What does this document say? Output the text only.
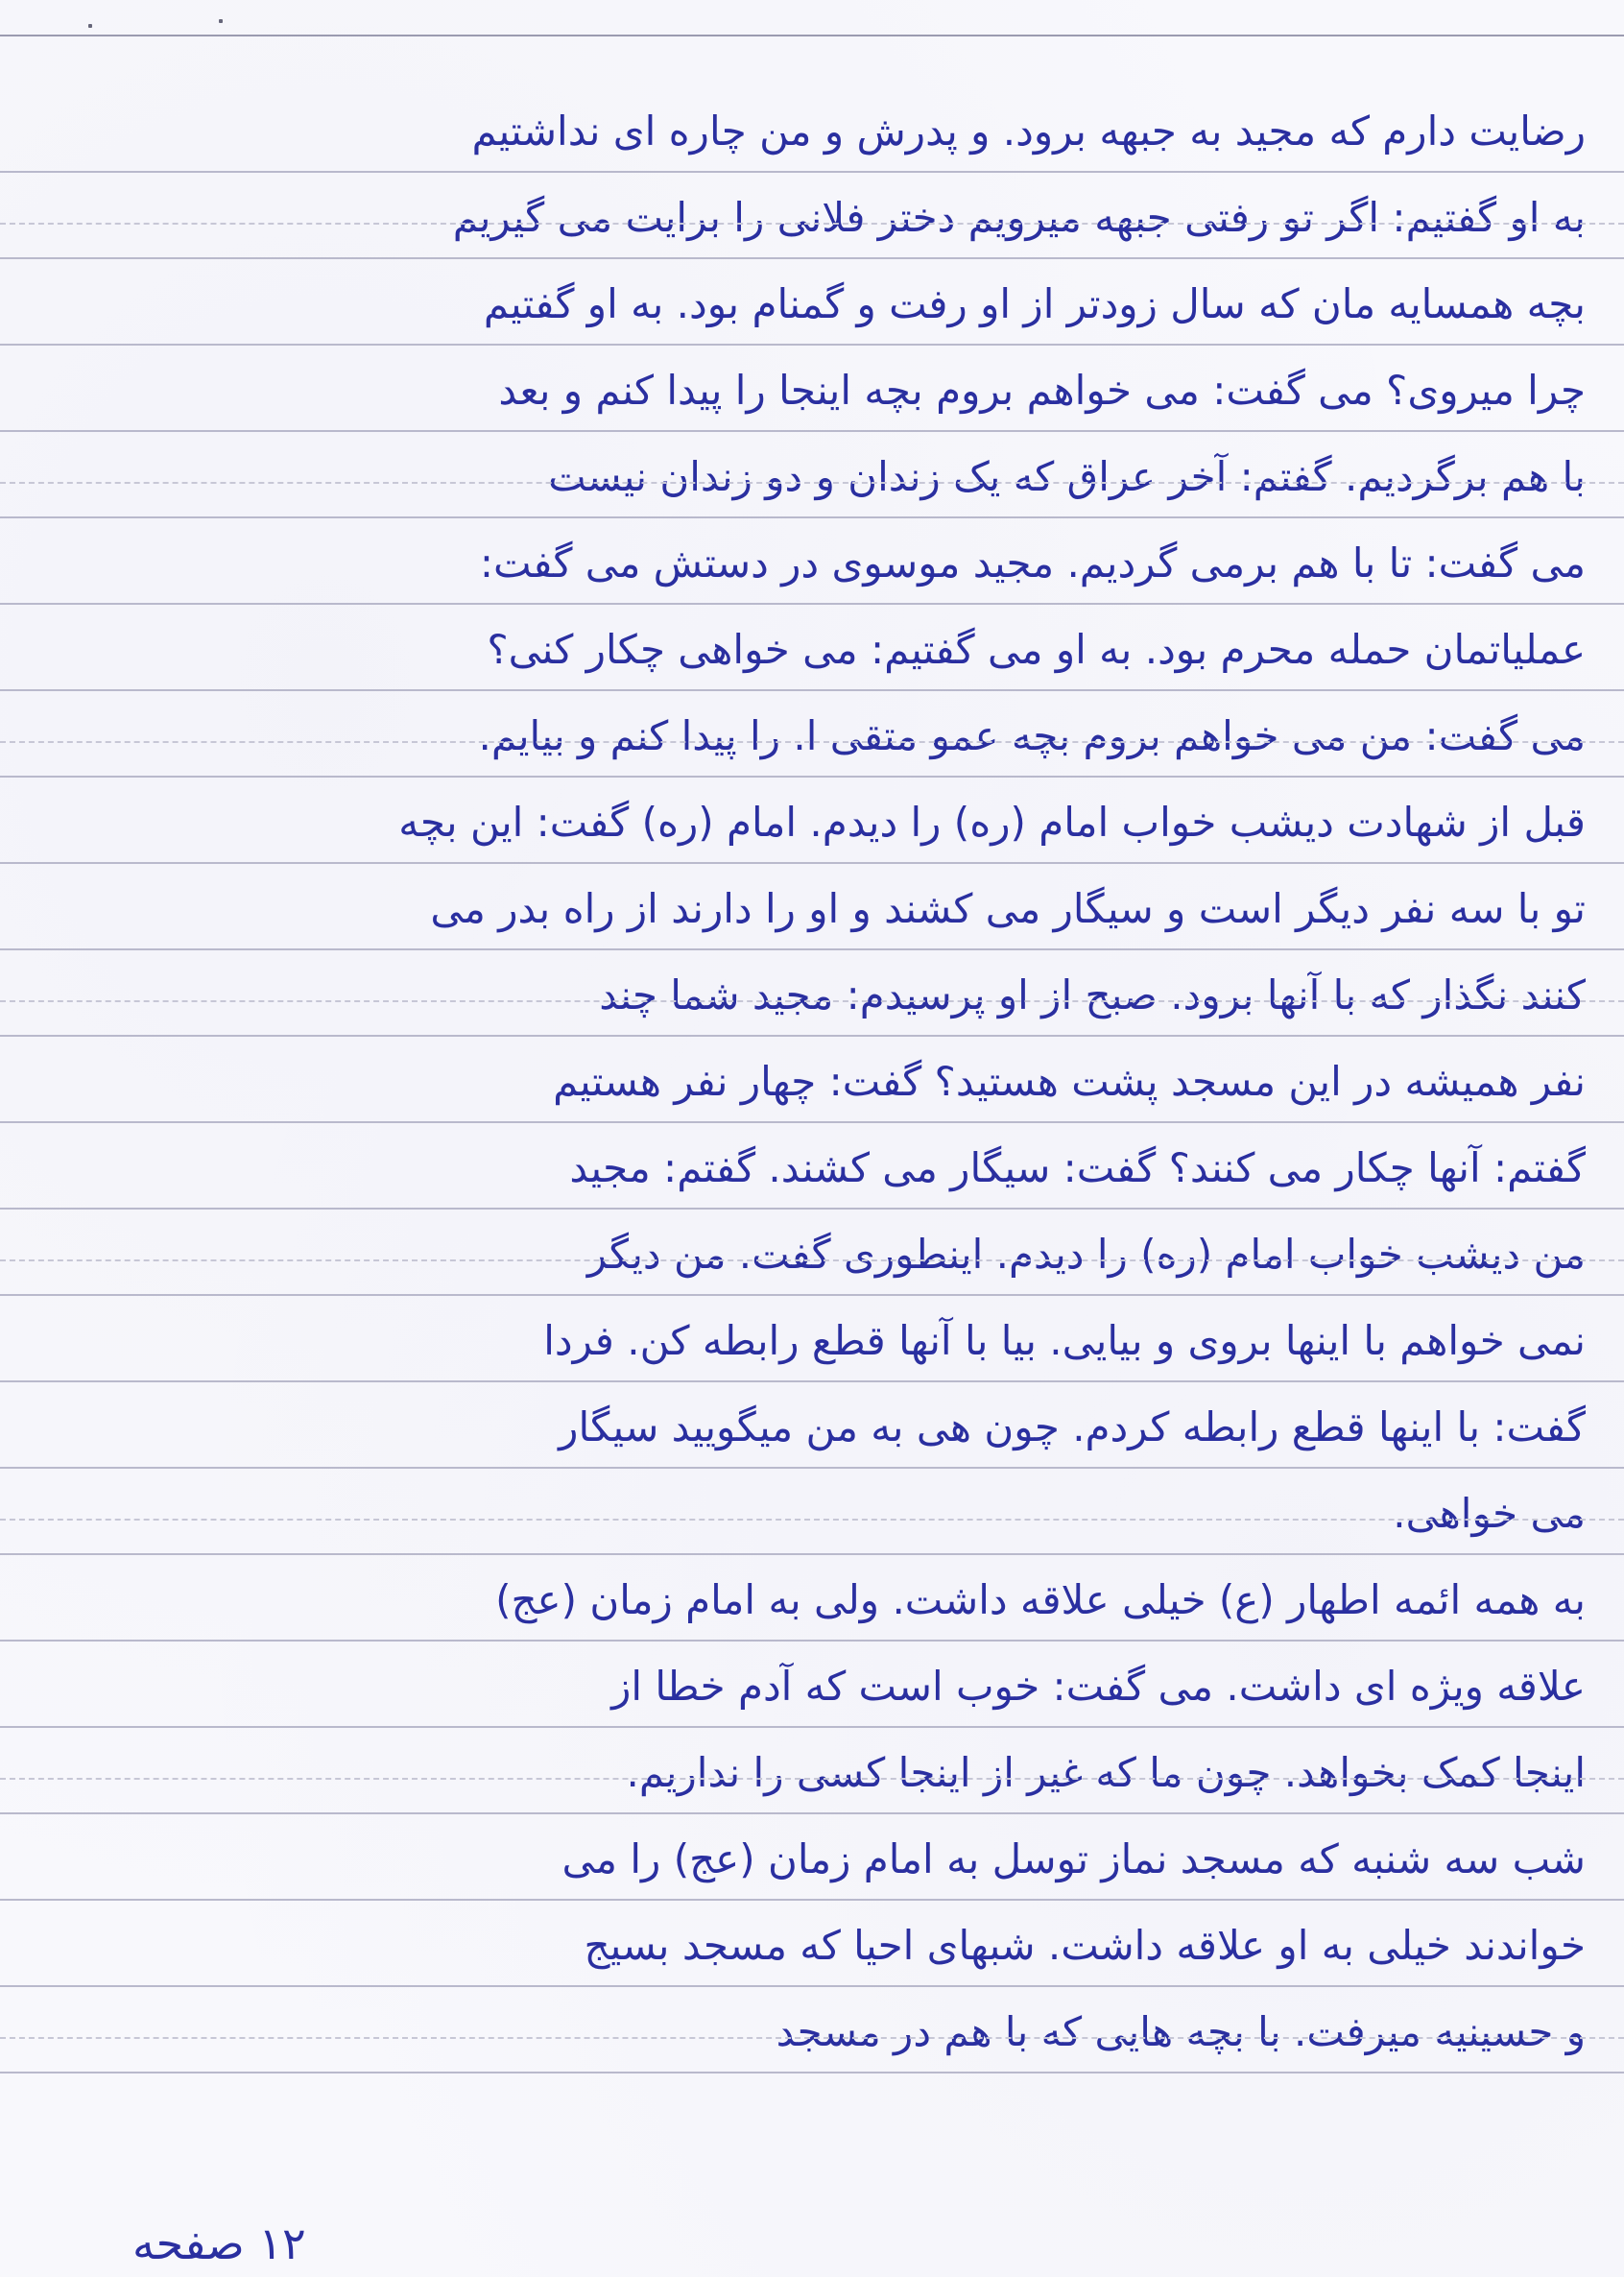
رضایت دارم که مجید به جبهه برود. و پدرش و من چاره ای نداشتیم
به او گفتیم: اگر تو رفتی جبهه میرویم دختر فلانی را برایت می گیریم
بچه همسایه مان که سال زودتر از او رفت و گمنام بود. به او گفتیم
چرا میروی؟ می گفت: می خواهم بروم بچه اینجا را پیدا کنم و بعد
با هم برگردیم. گفتم: آخر عراق که یک زندان و دو زندان نیست
می گفت: تا با هم برمی گردیم. مجید موسوی در دستش می گفت:
عملیاتمان حمله محرم بود. به او می گفتیم: می خواهی چکار کنی؟
می گفت: من می خواهم بروم بچه عمو متقی ا. را پیدا کنم و بیایم.
قبل از شهادت دیشب خواب امام (ره) را دیدم. امام (ره) گفت: این بچه
تو با سه نفر دیگر است و سیگار می کشند و او را دارند از راه بدر می
کنند نگذار که با آنها برود. صبح از او پرسیدم: مجید شما چند
نفر همیشه در این مسجد پشت هستید؟ گفت: چهار نفر هستیم
گفتم: آنها چکار می کنند؟ گفت: سیگار می کشند. گفتم: مجید
من دیشب خواب امام (ره) را دیدم. اینطوری گفت. من دیگر
نمی خواهم با اینها بروی و بیایی. بیا با آنها قطع رابطه کن. فردا
گفت: با اینها قطع رابطه کردم. چون هی به من میگویید سیگار
می خواهی.
به همه ائمه اطهار (ع) خیلی علاقه داشت. ولی به امام زمان (عج)
علاقه ویژه ای داشت. می گفت: خوب است که آدم خطا از
اینجا کمک بخواهد. چون ما که غیر از اینجا کسی را نداریم.
شب سه شنبه که مسجد نماز توسل به امام زمان (عج) را می
خواندند خیلی به او علاقه داشت. شبهای احیا که مسجد بسیج
و حسینیه میرفت. با بچه هایی که با هم در مسجد
۱۲ صفحه
